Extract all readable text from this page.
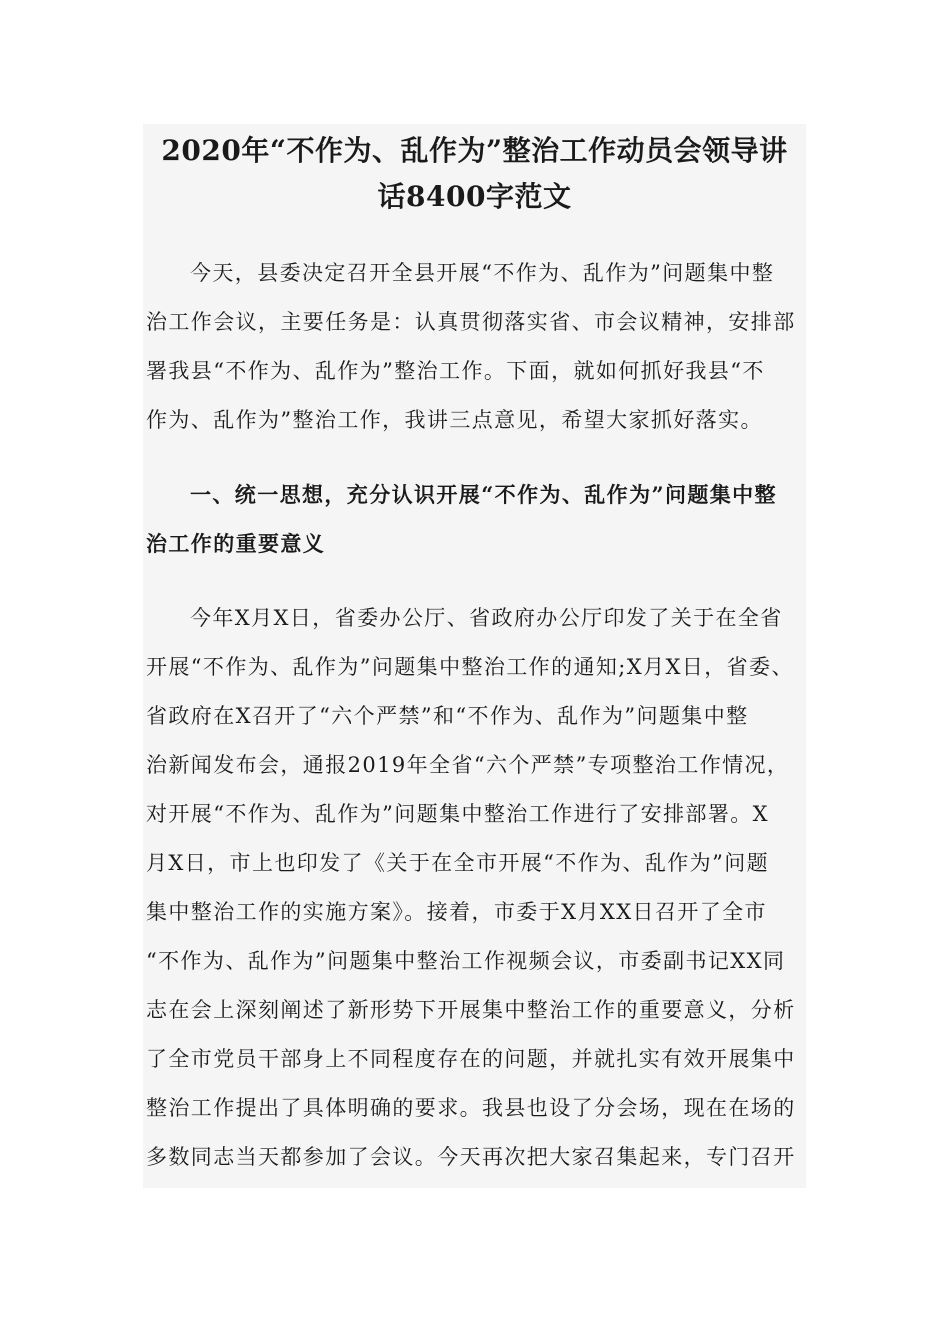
2020年“不作为、乱作为”整治工作动员会领导讲
话8400字范文
今天，县委决定召开全县开展“不作为、乱作为”问题集中整
治工作会议，主要任务是：认真贯彻落实省、市会议精神，安排部
署我县“不作为、乱作为”整治工作。下面，就如何抓好我县“不
作为、乱作为”整治工作，我讲三点意见，希望大家抓好落实。
一、统一思想，充分认识开展“不作为、乱作为”问题集中整
治工作的重要意义
今年X月X日，省委办公厅、省政府办公厅印发了关于在全省
开展“不作为、乱作为”问题集中整治工作的通知;X月X日，省委、
省政府在X召开了“六个严禁”和“不作为、乱作为”问题集中整
治新闻发布会，通报2019年全省“六个严禁”专项整治工作情况，
对开展“不作为、乱作为”问题集中整治工作进行了安排部署。X
月X日，市上也印发了《关于在全市开展“不作为、乱作为”问题
集中整治工作的实施方案》。接着，市委于X月XX日召开了全市
“不作为、乱作为”问题集中整治工作视频会议，市委副书记XX同
志在会上深刻阐述了新形势下开展集中整治工作的重要意义，分析
了全市党员干部身上不同程度存在的问题，并就扎实有效开展集中
整治工作提出了具体明确的要求。我县也设了分会场，现在在场的
多数同志当天都参加了会议。今天再次把大家召集起来，专门召开
